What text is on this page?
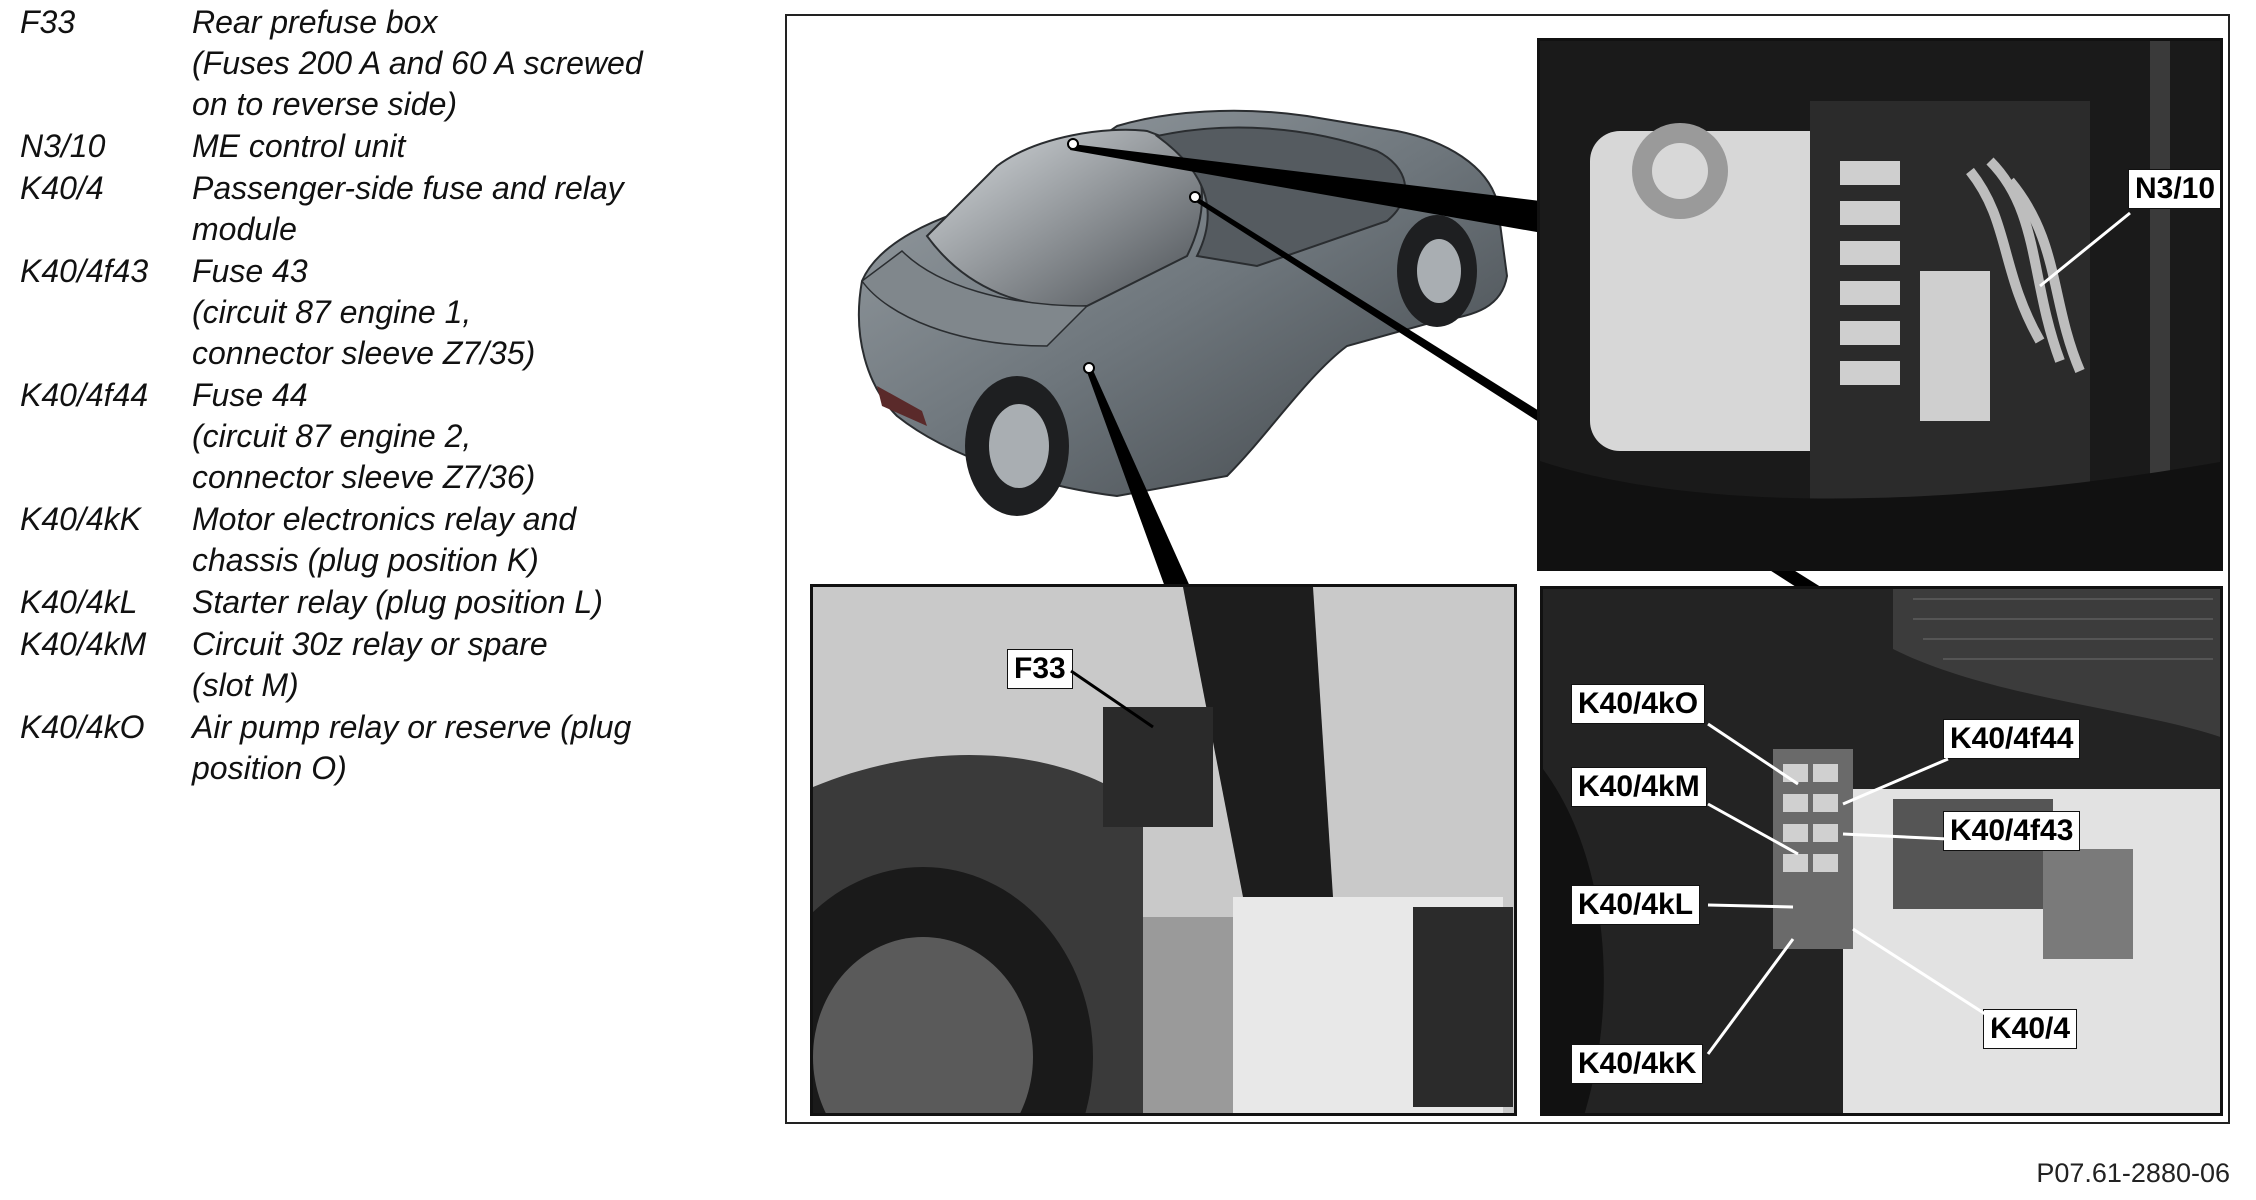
F33	Rear prefuse box
(Fuses 200 A and 60 A screwed
on to reverse side)
N3/10	ME control unit
K40/4	Passenger-side fuse and relay
module
K40/4f43	Fuse 43
(circuit 87 engine 1,
connector sleeve Z7/35)
K40/4f44	Fuse 44
(circuit 87 engine 2,
connector sleeve Z7/36)
K40/4kK	Motor electronics relay and
chassis (plug position K)
K40/4kL	Starter relay (plug position L)
K40/4kM	Circuit 30z relay or spare
(slot M)
K40/4kO	Air pump relay or reserve (plug
position O)
N3/10
F33
K40/4kO
K40/4f44
K40/4kM
K40/4f43
K40/4kL
K40/4
K40/4kK
P07.61-2880-06
